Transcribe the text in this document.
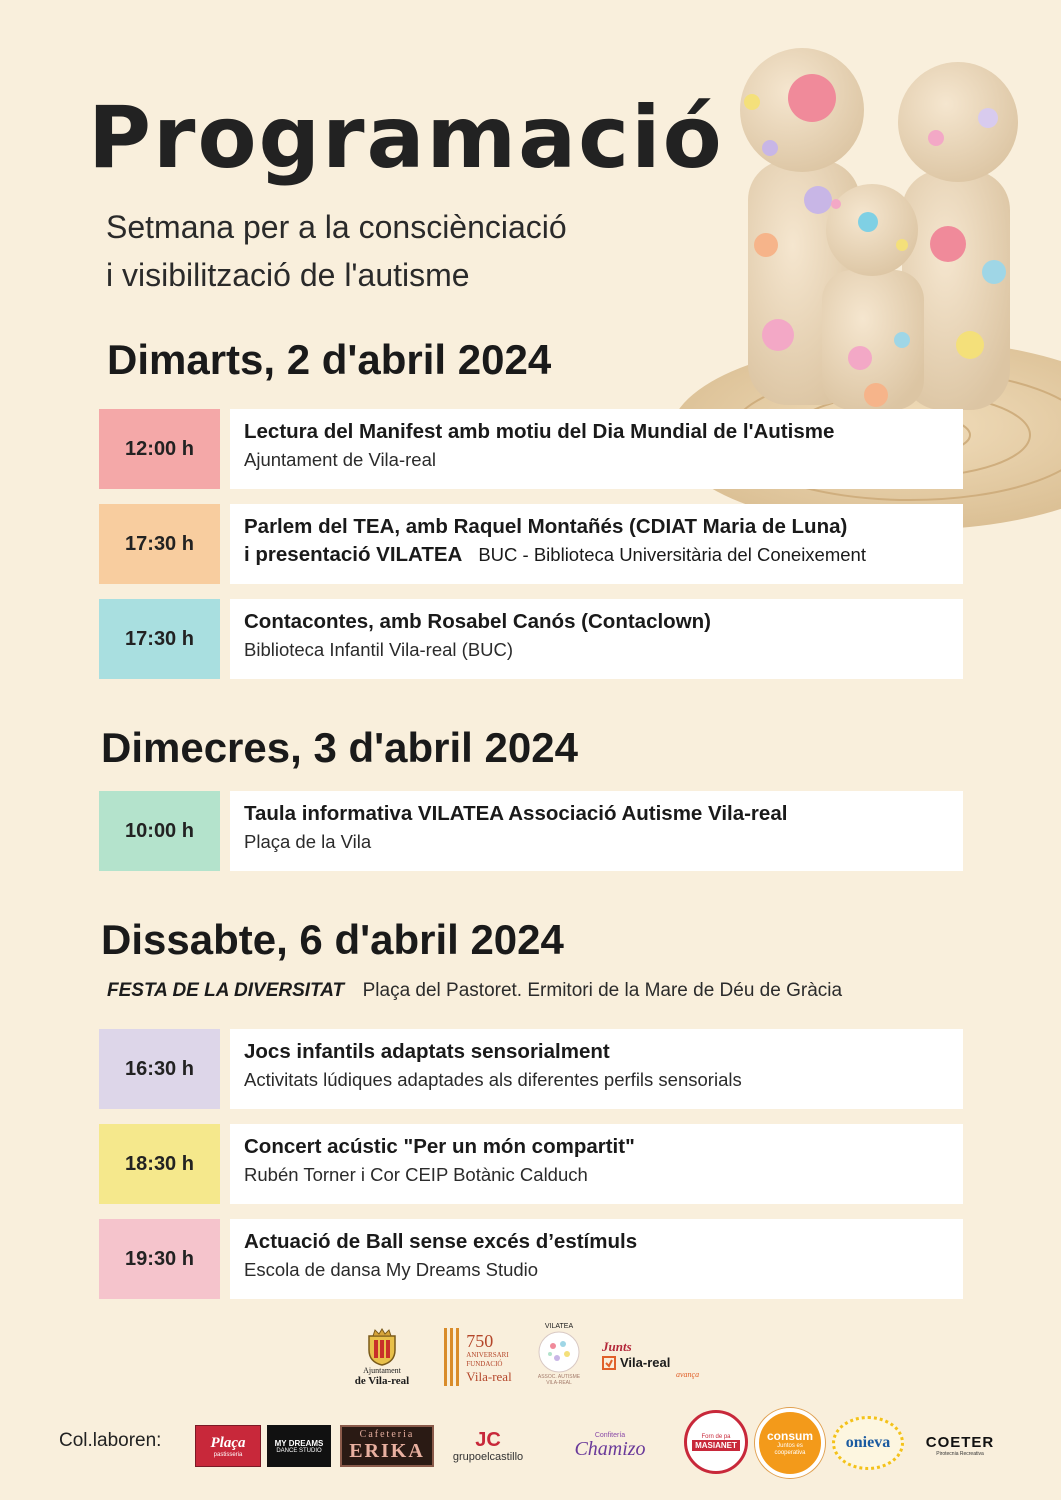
Programació
Setmana per a la consciènciació
i visibilització de l'autisme
Dimarts, 2 d'abril 2024
12:00 h
Lectura del Manifest amb motiu del Dia Mundial de l'Autisme
Ajuntament de Vila-real
17:30 h
Parlem del TEA, amb Raquel Montañés (CDIAT Maria de Luna)
i presentació VILATEA BUC - Biblioteca Universitària del Coneixement
17:30 h
Contacontes, amb Rosabel Canós (Contaclown)
Biblioteca Infantil Vila-real (BUC)
Dimecres, 3 d'abril 2024
10:00 h
Taula informativa VILATEA Associació Autisme Vila-real
Plaça de la Vila
Dissabte, 6 d'abril 2024
FESTA DE LA DIVERSITAT Plaça del Pastoret. Ermitori de la Mare de Déu de Gràcia
16:30 h
Jocs infantils adaptats sensorialment
Activitats lúdiques adaptades als diferentes perfils sensorials
18:30 h
Concert acústic "Per un món compartit"
Rubén Torner i Cor CEIP Botànic Calduch
19:30 h
Actuació de Ball sense excés d’estímuls
Escola de dansa My Dreams Studio
Ajuntament
de Vila-real
750
ANIVERSARI
FUNDACIÓ
Vila-real
VILATEA
ASSOC. AUTISME VILA-REAL
Junts
Vila-real
avança
Col.laboren:	Plaça
pastisseria
MY DREAMS
DANCE STUDIO
Cafeteria
ERIKA	JC
grupoelcastillo
Confitería
Chamizo
Forn de pa
MASIANET
consum
Juntos es cooperativa
onieva COETER
Pirotecnia Recreativa
